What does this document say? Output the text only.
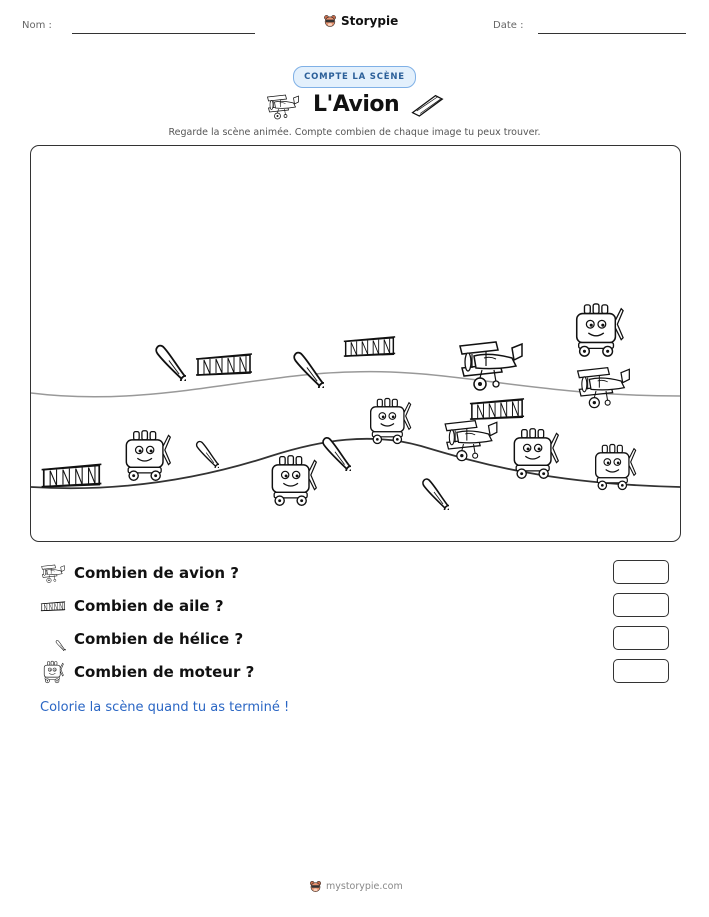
Nom :	Storypie	Date :
COMPTE LA SCÈNE
L'Avion
Regarde la scène animée. Compte combien de chaque image tu peux trouver.
Combien de avion ?
Combien de aile ?
Combien de hélice ?
Combien de moteur ?
Colorie la scène quand tu as terminé !
mystorypie.com
